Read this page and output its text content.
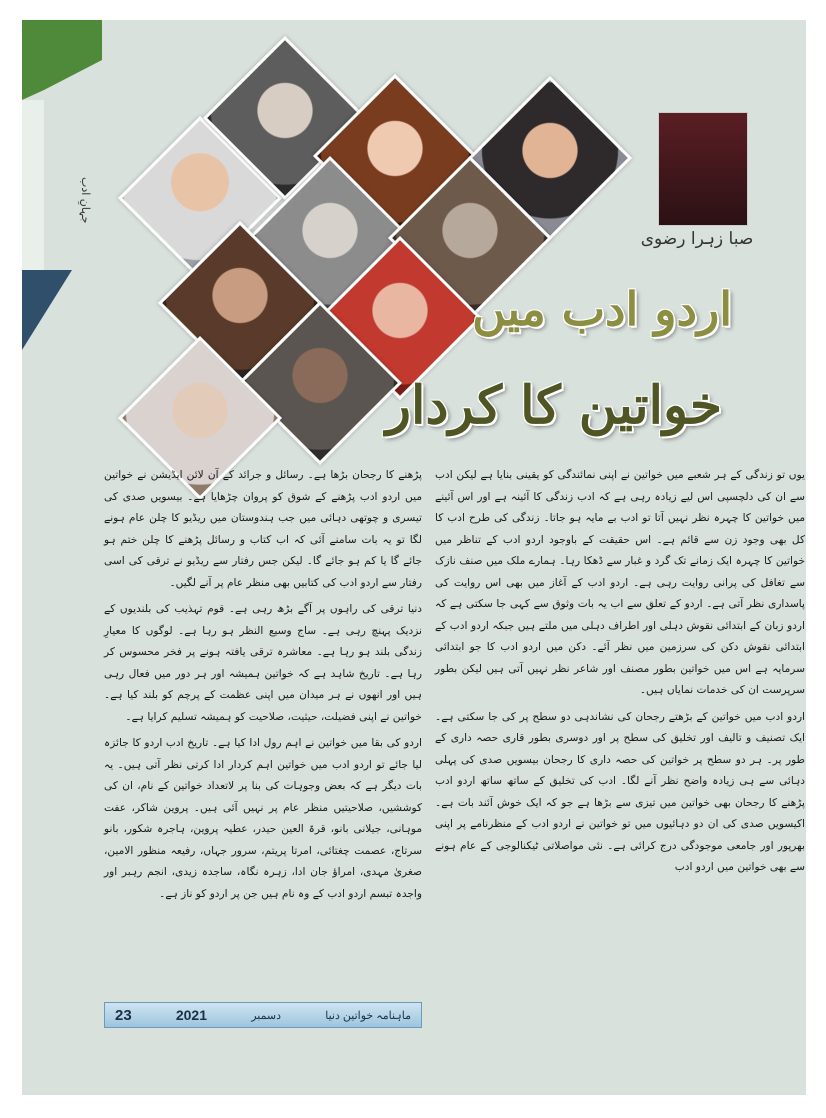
جہانِ ادب
صبا زہرا رضوی
اردو ادب میں
خواتین کا کردار

یوں تو زندگی کے ہر شعبے میں خواتین نے اپنی نمائندگی کو یقینی بنایا ہے لیکن ادب سے ان کی دلچسپی اس لیے زیادہ رہی ہے کہ ادب زندگی کا آئینہ ہے اور اس آئینے میں خواتین کا چہرہ نظر نہیں آتا تو ادب بے مایہ ہو جاتا۔ زندگی کی طرح ادب کا کل بھی وجود زن سے قائم ہے۔ اس حقیقت کے باوجود اردو ادب کے تناظر میں خواتین کا چہرہ ایک زمانے تک گرد و غبار سے ڈھکا رہا۔ ہمارے ملک میں صنف نازک سے تغافل کی پرانی روایت رہی ہے۔ اردو ادب کے آغاز میں بھی اس روایت کی پاسداری نظر آتی ہے۔ اردو کے تعلق سے اب یہ بات وثوق سے کہی جا سکتی ہے کہ اردو زبان کے ابتدائی نقوش دہلی اور اطراف دہلی میں ملتے ہیں جبکہ اردو ادب کے ابتدائی نقوش دکن کی سرزمین میں نظر آئے۔ دکن میں اردو ادب کا جو ابتدائی سرمایہ ہے اس میں خواتین بطور مصنف اور شاعر نظر نہیں آتی ہیں لیکن بطور سرپرست ان کی خدمات نمایاں ہیں۔

اردو ادب میں خواتین کے بڑھتے رجحان کی نشاندہی دو سطح پر کی جا سکتی ہے۔ ایک تصنیف و تالیف اور تخلیق کی سطح پر اور دوسری بطور قاری حصہ داری کے طور پر۔ ہر دو سطح پر خواتین کی حصہ داری کا رجحان بیسویں صدی کی پہلی دہائی سے ہی زیادہ واضح نظر آنے لگا۔ ادب کی تخلیق کے ساتھ ساتھ اردو ادب پڑھنے کا رجحان بھی خواتین میں تیزی سے بڑھا ہے جو کہ ایک خوش آئند بات ہے۔ اکیسویں صدی کی ان دو دہائیوں میں تو خواتین نے اردو ادب کے منظرنامے پر اپنی بھرپور اور جامعی موجودگی درج کرائی ہے۔ نئی مواصلاتی ٹیکنالوجی کے عام ہونے سے بھی خواتین میں اردو ادب

پڑھنے کا رجحان بڑھا ہے۔ رسائل و جرائد کے آن لائن ایڈیشن نے خواتین میں اردو ادب پڑھنے کے شوق کو پروان چڑھایا ہے۔ بیسویں صدی کی تیسری و چوتھی دہائی میں جب ہندوستان میں ریڈیو کا چلن عام ہونے لگا تو یہ بات سامنے آئی کہ اب کتاب و رسائل پڑھنے کا چلن ختم ہو جائے گا یا کم ہو جائے گا۔ لیکن جس رفتار سے ریڈیو نے ترقی کی اسی رفتار سے اردو ادب کی کتابیں بھی منظر عام پر آنے لگیں۔

دنیا ترقی کی راہوں پر آگے بڑھ رہی ہے۔ قوم تہذیب کی بلندیوں کے نزدیک پہنچ رہی ہے۔ ساج وسیع النظر ہو رہا ہے۔ لوگوں کا معیارِ زندگی بلند ہو رہا ہے۔ معاشرہ ترقی یافتہ ہونے پر فخر محسوس کر رہا ہے۔ تاریخ شاہد ہے کہ خواتین ہمیشہ اور ہر دور میں فعال رہی ہیں اور انھوں نے ہر میدان میں اپنی عظمت کے پرچم کو بلند کیا ہے۔ خواتین نے اپنی فضیلت، حیثیت، صلاحیت کو ہمیشہ تسلیم کرایا ہے۔

اردو کی بقا میں خواتین نے اہم رول ادا کیا ہے۔ تاریخ ادب اردو کا جائزہ لیا جائے تو اردو ادب میں خواتین اہم کردار ادا کرتی نظر آتی ہیں۔ یہ بات دیگر ہے کہ بعض وجوہات کی بنا پر لاتعداد خواتین کے نام، ان کی کوششیں، صلاحیتیں منظر عام پر نہیں آئی ہیں۔ پروین شاکر، عفت موہانی، جیلانی بانو، قرۃ العین حیدر، عطیہ پروین، ہاجرہ شکور، بانو سرتاج، عصمت چغتائی، امرتا پریتم، سرور جہاں، رفیعہ منظور الامین، صغریٰ مہدی، امراؤ جان ادا، زہرہ نگاہ، ساجدہ زیدی، انجم رہبر اور واجدہ تبسم اردو ادب کے وہ نام ہیں جن پر اردو کو ناز ہے۔

23	2021	دسمبر	ماہنامہ خواتین دنیا
